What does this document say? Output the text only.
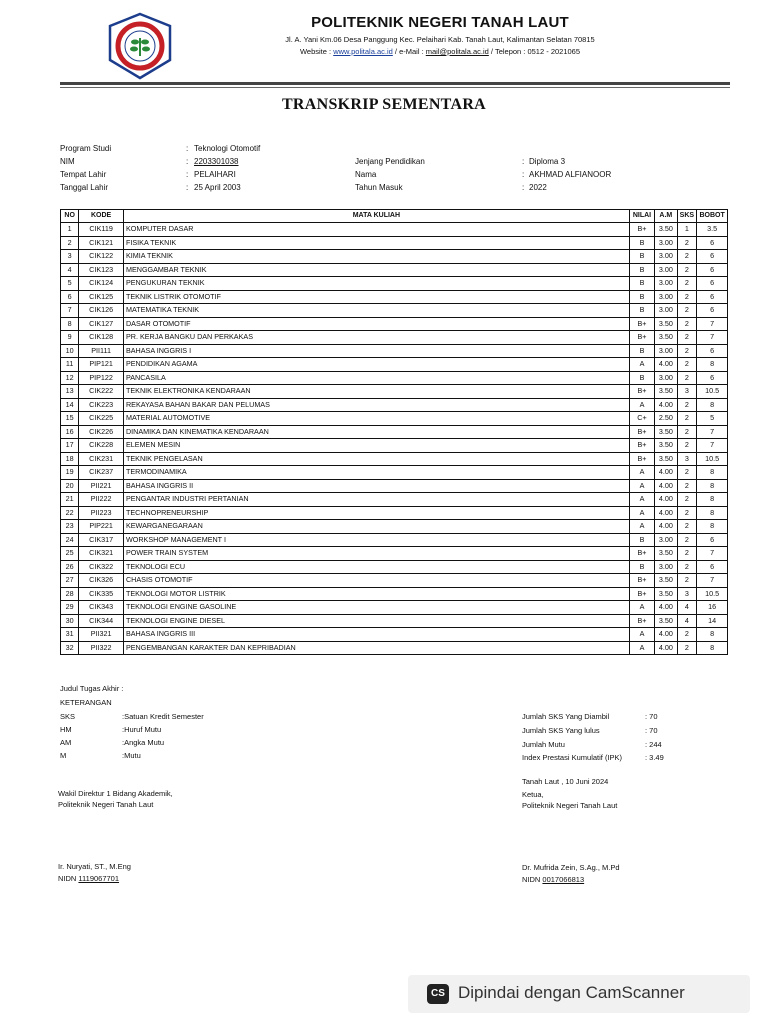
POLITEKNIK NEGERI TANAH LAUT
Jl. A. Yani Km.06 Desa Panggung Kec. Pelaihari Kab. Tanah Laut, Kalimantan Selatan 70815
Website : www.politala.ac.id / e-Mail : mail@politala.ac.id / Telepon : 0512 - 2021065
TRANSKRIP SEMENTARA
Program Studi	: Teknologi Otomotif
NIM	: 2203301038
Tempat Lahir	: PELAIHARI
Tanggal Lahir	: 25 April 2003
Jenjang Pendidikan	: Diploma 3
Nama	: AKHMAD ALFIANOOR
Tahun Masuk	: 2022
NO	KODE	MATA KULIAH	NILAI	A.M	SKS	BOBOT
1	CIK119	KOMPUTER DASAR	B+	3.50	1	3.5
2	CIK121	FISIKA TEKNIK	B	3.00	2	6
3	CIK122	KIMIA TEKNIK	B	3.00	2	6
4	CIK123	MENGGAMBAR TEKNIK	B	3.00	2	6
5	CIK124	PENGUKURAN TEKNIK	B	3.00	2	6
6	CIK125	TEKNIK LISTRIK OTOMOTIF	B	3.00	2	6
7	CIK126	MATEMATIKA TEKNIK	B	3.00	2	6
8	CIK127	DASAR OTOMOTIF	B+	3.50	2	7
9	CIK128	PR. KERJA BANGKU DAN PERKAKAS	B+	3.50	2	7
10	PII111	BAHASA INGGRIS I	B	3.00	2	6
11	PIP121	PENDIDIKAN AGAMA	A	4.00	2	8
12	PIP122	PANCASILA	B	3.00	2	6
13	CIK222	TEKNIK ELEKTRONIKA KENDARAAN	B+	3.50	3	10.5
14	CIK223	REKAYASA BAHAN BAKAR DAN PELUMAS	A	4.00	2	8
15	CIK225	MATERIAL AUTOMOTIVE	C+	2.50	2	5
16	CIK226	DINAMIKA DAN KINEMATIKA KENDARAAN	B+	3.50	2	7
17	CIK228	ELEMEN MESIN	B+	3.50	2	7
18	CIK231	TEKNIK PENGELASAN	B+	3.50	3	10.5
19	CIK237	TERMODINAMIKA	A	4.00	2	8
20	PII221	BAHASA INGGRIS II	A	4.00	2	8
21	PII222	PENGANTAR INDUSTRI PERTANIAN	A	4.00	2	8
22	PII223	TECHNOPRENEURSHIP	A	4.00	2	8
23	PIP221	KEWARGANEGARAAN	A	4.00	2	8
24	CIK317	WORKSHOP MANAGEMENT I	B	3.00	2	6
25	CIK321	POWER TRAIN SYSTEM	B+	3.50	2	7
26	CIK322	TEKNOLOGI ECU	B	3.00	2	6
27	CIK326	CHASIS OTOMOTIF	B+	3.50	2	7
28	CIK335	TEKNOLOGI MOTOR LISTRIK	B+	3.50	3	10.5
29	CIK343	TEKNOLOGI ENGINE GASOLINE	A	4.00	4	16
30	CIK344	TEKNOLOGI ENGINE DIESEL	B+	3.50	4	14
31	PII321	BAHASA INGGRIS III	A	4.00	2	8
32	PII322	PENGEMBANGAN KARAKTER DAN KEPRIBADIAN	A	4.00	2	8
Judul Tugas Akhir :
KETERANGAN
SKS	:Satuan Kredit Semester
HM	:Huruf Mutu
AM	:Angka Mutu
M	:Mutu
Jumlah SKS Yang Diambil	: 70
Jumlah SKS Yang lulus	: 70
Jumlah Mutu	: 244
Index Prestasi Kumulatif (IPK)	: 3.49
Tanah Laut , 10 Juni 2024
Ketua,
Politeknik Negeri Tanah Laut
Wakil Direktur 1 Bidang Akademik,
Politeknik Negeri Tanah Laut
Ir. Nuryati, ST., M.Eng
NIDN 1119067701
Dr. Mufrida Zein, S.Ag., M.Pd
NIDN 0017066813
CS Dipindai dengan CamScanner
